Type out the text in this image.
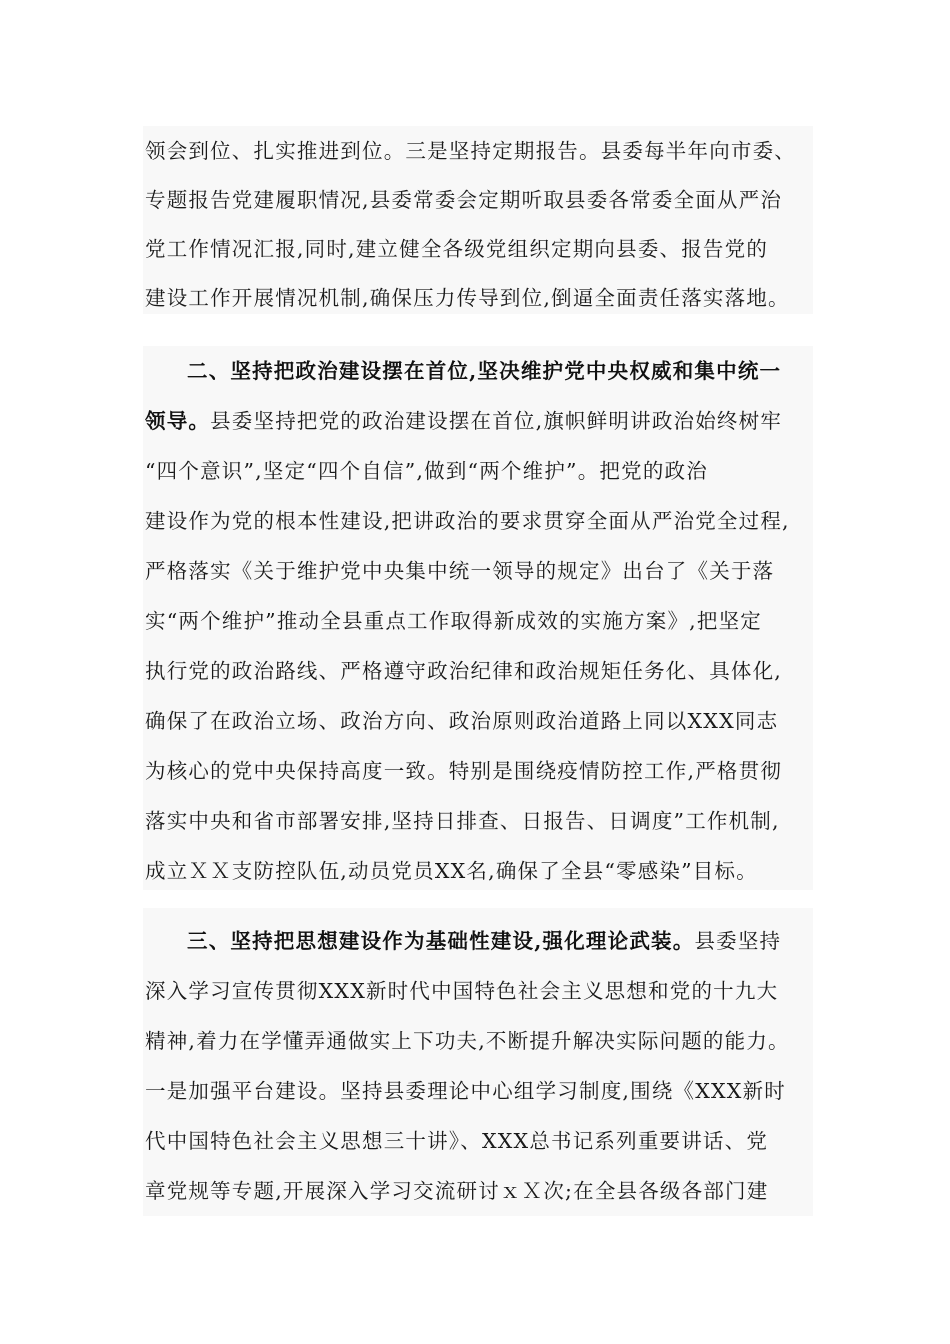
领会到位、扎实推进到位。三是坚持定期报告。县委每半年向市委、
专题报告党建履职情况,县委常委会定期听取县委各常委全面从严治
党工作情况汇报,同时,建立健全各级党组织定期向县委、报告党的
建设工作开展情况机制,确保压力传导到位,倒逼全面责任落实落地。
二、坚持把政治建设摆在首位,坚决维护党中央权威和集中统一
领导。县委坚持把党的政治建设摆在首位,旗帜鲜明讲政治始终树牢
“四个意识”,坚定“四个自信”,做到“两个维护”。把党的政治
建设作为党的根本性建设,把讲政治的要求贯穿全面从严治党全过程,
严格落实《关于维护党中央集中统一领导的规定》出台了《关于落
实“两个维护”推动全县重点工作取得新成效的实施方案》,把坚定
执行党的政治路线、严格遵守政治纪律和政治规矩任务化、具体化,
确保了在政治立场、政治方向、政治原则政治道路上同以XXX同志
为核心的党中央保持高度一致。特别是围绕疫情防控工作,严格贯彻
落实中央和省市部署安排,坚持日排查、日报告、日调度”工作机制,
成立ＸＸ支防控队伍,动员党员XX名,确保了全县“零感染”目标。
三、坚持把思想建设作为基础性建设,强化理论武装。县委坚持
深入学习宣传贯彻XXX新时代中国特色社会主义思想和党的十九大
精神,着力在学懂弄通做实上下功夫,不断提升解决实际问题的能力。
一是加强平台建设。坚持县委理论中心组学习制度,围绕《XXX新时
代中国特色社会主义思想三十讲》、XXX总书记系列重要讲话、党
章党规等专题,开展深入学习交流研讨ｘＸ次;在全县各级各部门建
